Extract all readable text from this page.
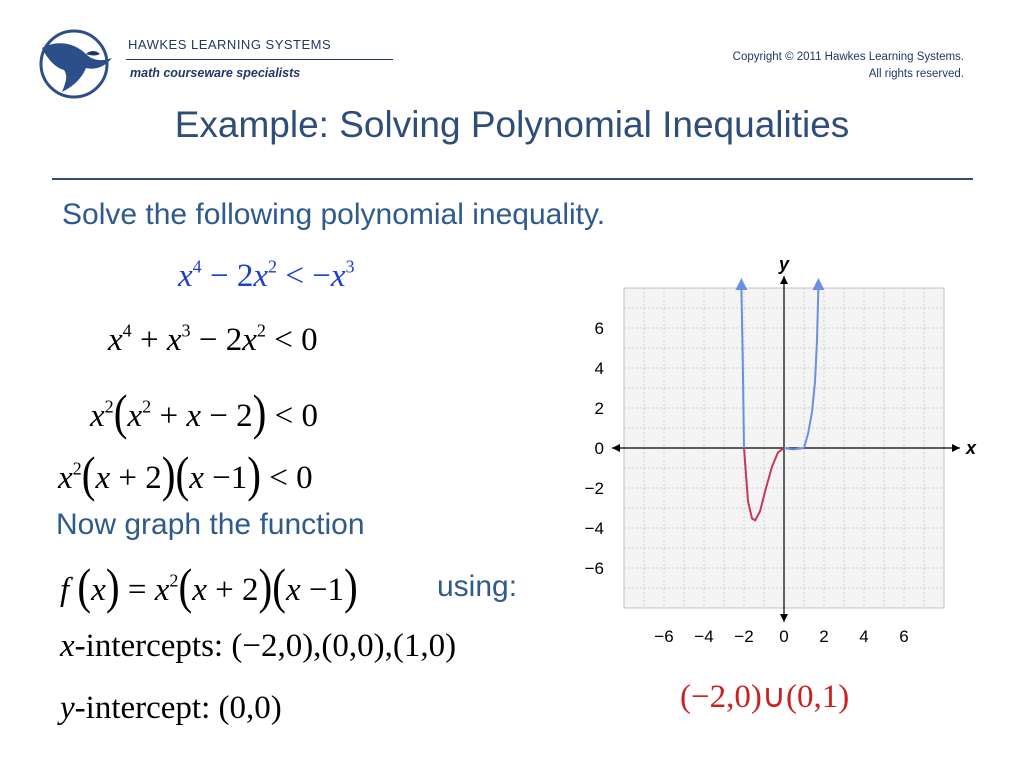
HAWKES LEARNING SYSTEMS
math courseware specialists
Copyright © 2011 Hawkes Learning Systems.
All rights reserved.
Example: Solving Polynomial Inequalities
Solve the following polynomial inequality.
$x^4 - 2x^2 < -x^3$
$x^4 + x^3 - 2x^2 < 0$
$x^2(x^2 + x - 2) < 0$
$x^2(x + 2)(x -1) < 0$
Now graph the function
f $(x) = x^2(x + 2)(x -1)$	using:
x-intercepts: (−2,0),(0,0),(1,0)
y-intercept: (0,0)
x
y
−6 −4 −2 0 2 4 6
6
4
2
0
−2
−4
−6
(−2,0)∪(0,1)
